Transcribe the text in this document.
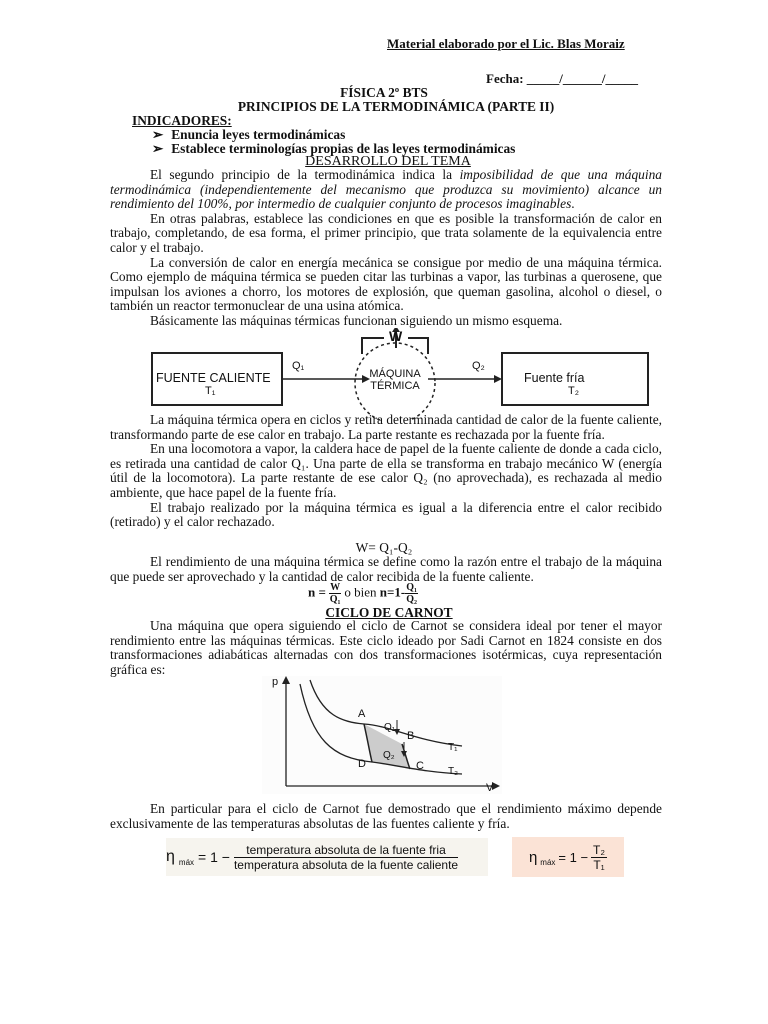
Material elaborado por el Lic. Blas Moraiz
Fecha: _____/______/_____
FÍSICA 2º BTS
PRINCIPIOS DE LA TERMODINÁMICA (PARTE II)
INDICADORES:
➢ Enuncia leyes termodinámicas
➢ Establece terminologías propias de las leyes termodinámicas
DESARROLLO DEL TEMA

El segundo principio de la termodinámica indica la imposibilidad de que una máquina termodinámica (independientemente del mecanismo que produzca su movimiento) alcance un rendimiento del 100%, por intermedio de cualquier conjunto de procesos imaginables.

En otras palabras, establece las condiciones en que es posible la transformación de calor en trabajo, completando, de esa forma, el primer principio, que trata solamente de la equivalencia entre calor y el trabajo.

La conversión de calor en energía mecánica se consigue por medio de una máquina térmica. Como ejemplo de máquina térmica se pueden citar las turbinas a vapor, las turbinas a querosene, que impulsan los aviones a chorro, los motores de explosión, que queman gasolina, alcohol o diesel, o también un reactor termonuclear de una usina atómica.

Básicamente las máquinas térmicas funcionan siguiendo un mismo esquema.

FUENTE CALIENTE
T₁
Q₁
W
MÁQUINA
TÉRMICA
Q₂
Fuente fría
T₂

La máquina térmica opera en ciclos y retira determinada cantidad de calor de la fuente caliente, transformando parte de ese calor en trabajo. La parte restante es rechazada por la fuente fría.

En una locomotora a vapor, la caldera hace de papel de la fuente caliente de donde a cada ciclo, es retirada una cantidad de calor Q₁. Una parte de ella se transforma en trabajo mecánico W (energía útil de la locomotora). La parte restante de ese calor Q₂ (no aprovechada), es rechazada al medio ambiente, que hace papel de la fuente fría.

El trabajo realizado por la máquina térmica es igual a la diferencia entre el calor recibido (retirado) y el calor rechazado.

W= Q₁-Q₂

El rendimiento de una máquina térmica se define como la razón entre el trabajo de la máquina que puede ser aprovechado y la cantidad de calor recibida de la fuente caliente.

$n = \frac{W}{\text{Q₁}}$ o bien $n=1- \frac{\text{Q₁}}{\text{Q₂}}$
CICLO DE CARNOT

Una máquina que opera siguiendo el ciclo de Carnot se considera ideal por tener el mayor rendimiento entre las máquinas térmicas. Este ciclo ideado por Sadi Carnot en 1824 consiste en dos transformaciones adiabáticas alternadas con dos transformaciones isotérmicas, cuya representación gráfica es:

p
V
A
B
C
D
Q₁
Q₂
T₁
T₂

En particular para el ciclo de Carnot fue demostrado que el rendimiento máximo depende exclusivamente de las temperaturas absolutas de las fuentes caliente y fría.

η máx = 1 −	temperatura absoluta de la fuente fria
temperatura absoluta de la fuente caliente	η máx = $1 - \frac{\text{T₂}}{\text{T₁}}$
